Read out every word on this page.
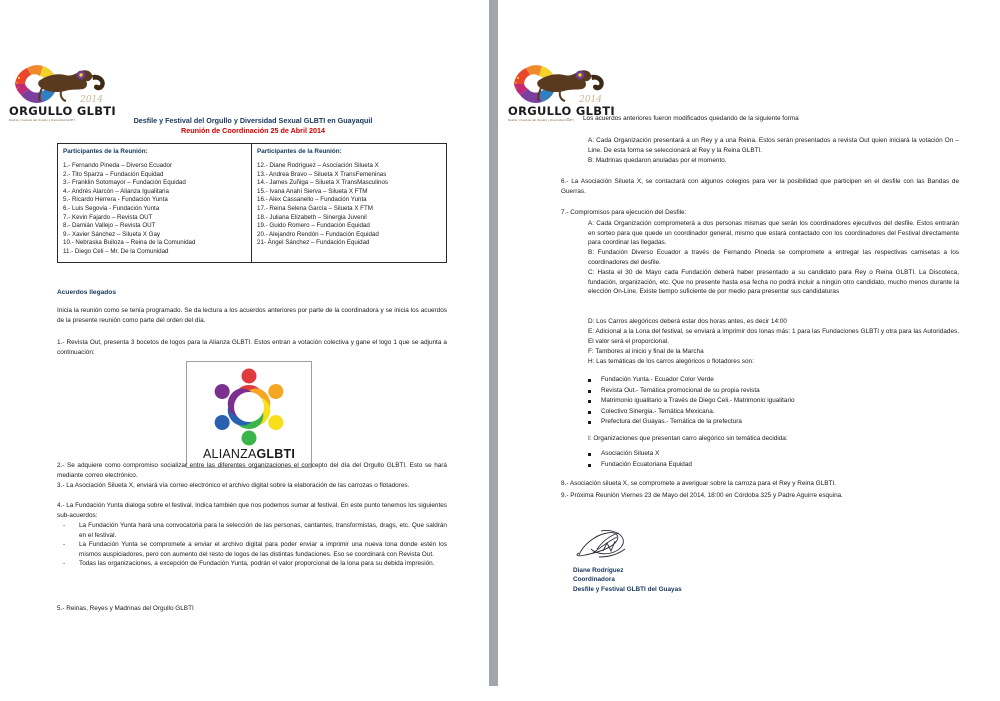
2014
ORGULLO GLBTI
Desfile y Festival del Orgullo y Diversidad GLBTI	Desfile y Festival del Orgullo y Diversidad Sexual GLBTI en Guayaquil
Reunión de Coordinación 25 de Abril 2014
Participantes de la Reunión:
1.- Fernando Pineda – Diverso Ecuador
2.- Tito Sparza – Fundación Equidad
3.- Franklin Sotomayor – Fundación Equidad
4.- Andrés Alarcón – Alianza Igualitaria
5.- Ricardo Herrera - Fundación Yunta
6.- Luis Segovia - Fundación Yunta
7.- Kevin Fajardo – Revista OUT
8.- Damián Vallejo – Revista OUT
9.- Xavier Sánchez – Silueta X Gay
10.- Nebraska Builoza – Reina de la Comunidad
11.- Diego Celi – Mr. De la Comunidad
Participantes de la Reunión:
12.- Diane Rodríguez – Asociación Silueta X
13.- Andrea Bravo – Silueta X TransFemeninas
14.- James Zuñiga – Silueta X TransMasculinos
15.- Ivana Anahí Sierva – Silueta X FTM
16.- Alex Cassanello – Fundación Yunta
17.- Reina Selena García – Silueta X FTM
18.- Juliana Elizabeth – Sinergia Juvenil
19.- Guido Romero – Fundación Equidad
20.- Alejandro Rendón – Fundación Equidad
21- Ángel Sánchez – Fundación Equidad
Acuerdos llegados
Inicia la reunión como se tenía programado. Se da lectura a los acuerdos anteriores por parte de la coordinadora y se inicia los acuerdos de la presente reunión como parte del orden del día.
1.- Revista Out, presenta 3 bocetos de logos para la Alianza GLBTI. Estos entran a votación colectiva y gane el logo 1 que se adjunta a continuación:
ALIANZAGLBTI
2.- Se adquiere como compromiso socializar entre las diferentes organizaciones el concepto del día del Orgullo GLBTI. Esto se hará mediante correo electrónico.
3.- La Asociación Silueta X, enviará vía correo electrónico el archivo digital sobre la elaboración de las carrozas o flotadores.
4.- La Fundación Yunta dialoga sobre el festival. Indica también que nos podemos sumar al festival. En este punto tenemos los siguientes sub-acuerdos:
- La Fundación Yunta hará una convocatoria para la selección de las personas, cantantes, transformistas, drags, etc. Que saldrán en el festival.
- La Fundación Yunta se compromete a enviar el archivo digital para poder enviar a imprimir una nueva lona donde estén los mismos auspiciadores, pero con aumento del resto de logos de las distintas fundaciones. Eso se coordinará con Revista Out.
- Todas las organizaciones, a excepción de Fundación Yunta, podrán el valor proporcional de la lona para su debida impresión.
5.- Reinas, Reyes y Madrinas del Orgullo GLBTI
2014
ORGULLO GLBTI
Desfile y Festival del Orgullo y Diversidad GLBTI	- Los acuerdos anteriores fueron modificados quedando de la siguiente forma
A: Cada Organización presentará a un Rey y a una Reina. Estos serán presentados a revista Out quien iniciará la votación On – Line. De esta forma se seleccionará al Rey y la Reina GLBTI.
B: Madrinas quedaron anuladas por el momento.
6.- La Asociación Silueta X, se contactará con algunos colegios para ver la posibilidad que participen en el desfile con las Bandas de Guerras.
7.- Compromisos para ejecución del Desfile:
A: Cada Organización comprometerá a dos personas mismas que serán los coordinadores ejecutivos del desfile. Estos entrarán en sorteo para que quede un coordinador general, mismo que estará contactado con los coordinadores del Festival directamente para coordinar las llegadas.
B: Fundación Diverso Ecuador a través de Fernando Pineda se compromete a entregar las respectivas camisetas a los coordinadores del desfile.
C: Hasta el 30 de Mayo cada Fundación deberá haber presentado a su candidato para Rey o Reina GLBTI. La Discoteca, fundación, organización, etc. Que no presente hasta esa fecha no podrá incluir a ningún otro candidato, mucho menos durante la elección On-Line. Existe tiempo suficiente de por medio para presentar sus candidaturas
D: Los Carros alegóricos deberá estar dos horas antes, es decir 14:00
E: Adicional a la Lona del festival, se enviará a imprimir dos lonas más: 1 para las Fundaciones GLBTI y otra para las Autoridades. El valor será el proporcional.
F: Tambores al inicio y final de la Marcha
H: Las temáticas de los carros alegóricos o flotadores son:
Fundación Yunta.- Ecuador Color Verde
Revista Out.- Temática promocional de su propia revista
Matrimonio igualitario a Través de Diego Celi.- Matrimonio igualitario
Colectivo Sinergia.- Temática Mexicana.
Prefectura del Guayas.- Temática de la prefectura
I: Organizaciones que presentan carro alegórico sin temática decidida:
Asociación Silueta X
Fundación Ecuatoriana Equidad
8.- Asociación silueta X, se compromete a averiguar sobre la carroza para el Rey y Reina GLBTI.
9.- Próxima Reunión Viernes 23 de Mayo del 2014, 18:00 en Córdoba 325 y Padre Aguirre esquina.
Diane Rodríguez
Coordinadora
Desfile y Festival GLBTI del Guayas
